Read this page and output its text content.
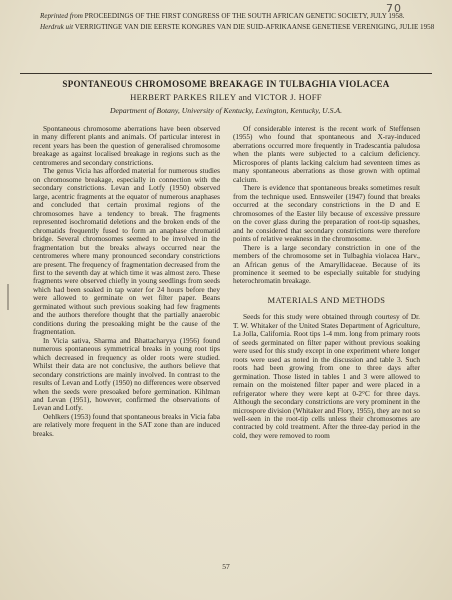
70
Reprinted from PROCEEDINGS OF THE FIRST CONGRESS OF THE SOUTH AFRICAN GENETIC SOCIETY, JULY 1958.
Herdruk uit VERRIGTINGE VAN DIE EERSTE KONGRES VAN DIE SUID-AFRIKAANSE GENETIESE VERENIGING, JULIE 1958
SPONTANEOUS CHROMOSOME BREAKAGE IN TULBAGHIA VIOLACEA
HERBERT PARKES RILEY and VICTOR J. HOFF
Department of Botany, University of Kentucky, Lexington, Kentucky, U.S.A.

Spontaneous chromosome aberrations have been observed in many different plants and animals. Of particular interest in recent years has been the question of generalised chromosome breakage as against localised breakage in regions such as the centromeres and secondary constrictions.

The genus Vicia has afforded material for numerous studies on chromosome breakage, especially in connection with the secondary constrictions. Levan and Lotfy (1950) observed large, acentric fragments at the equator of numerous anaphases and concluded that certain proximal regions of the chromosomes have a tendency to break. The fragments represented isochromatid deletions and the broken ends of the chromatids frequently fused to form an anaphase chromatid bridge. Several chromosomes seemed to be involved in the fragmentation but the breaks always occurred near the centromeres where many pronounced secondary constrictions are present. The frequency of fragmentation decreased from the first to the seventh day at which time it was almost zero. These fragments were observed chiefly in young seedlings from seeds which had been soaked in tap water for 24 hours before they were allowed to germinate on wet filter paper. Beans germinated without such previous soaking had few fragments and the authors therefore thought that the partially anaerobic conditions during the presoaking might be the cause of the fragmentation.

In Vicia sativa, Sharma and Bhattacharyya (1956) found numerous spontaneous symmetrical breaks in young root tips which decreased in frequency as older roots were studied. Whilst their data are not conclusive, the authors believe that secondary constrictions are mainly involved. In contrast to the results of Levan and Lotfy (1950) no differences were observed when the seeds were presoaked before germination. Kihlman and Levan (1951), however, confirmed the observations of Levan and Lotfy.

Oehlkers (1953) found that spontaneous breaks in Vicia faba are relatively more frequent in the SAT zone than are induced breaks.

Of considerable interest is the recent work of Steffensen (1955) who found that spontaneous and X-ray-induced aberrations occurred more frequently in Tradescantia paludosa when the plants were subjected to a calcium deficiency. Microspores of plants lacking calcium had seventeen times as many spontaneous aberrations as those grown with optimal calcium.

There is evidence that spontaneous breaks sometimes result from the technique used. Ennsweiler (1947) found that breaks occurred at the secondary constrictions in the D and E chromosomes of the Easter lily because of excessive pressure on the cover glass during the preparation of root-tip squashes, and he considered that secondary constrictions were therefore points of relative weakness in the chromosome.

There is a large secondary constriction in one of the members of the chromosome set in Tulbaghia violacea Harv., an African genus of the Amaryllidaceae. Because of its prominence it seemed to be especially suitable for studying heterochromatin breakage.

MATERIALS AND METHODS

Seeds for this study were obtained through courtesy of Dr. T. W. Whitaker of the United States Department of Agriculture, La Jolla, California. Root tips 1-4 mm. long from primary roots of seeds germinated on filter paper without previous soaking were used for this study except in one experiment where longer roots were used as noted in the discussion and table 3. Such roots had been growing from one to three days after germination. Those listed in tables 1 and 3 were allowed to remain on the moistened filter paper and were placed in a refrigerator where they were kept at 0-2°C for three days. Although the secondary constrictions are very prominent in the microspore division (Whitaker and Flory, 1955), they are not so well-seen in the root-tip cells unless their chromosomes are contracted by cold treatment. After the three-day period in the cold, they were removed to room

57
